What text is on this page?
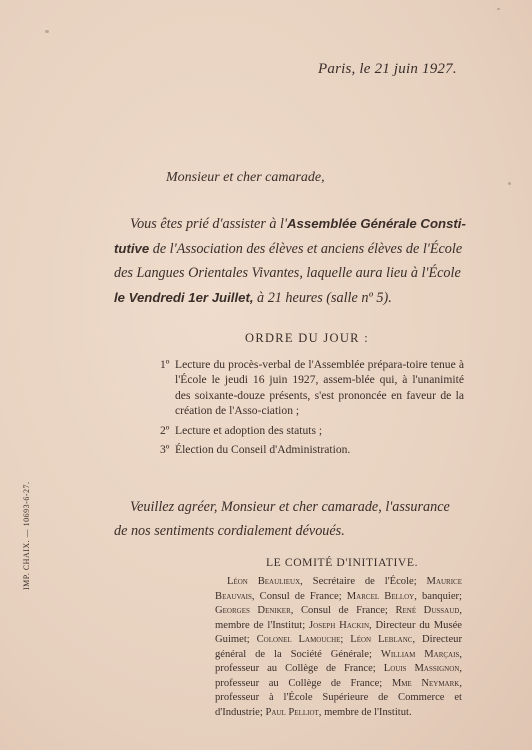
Paris, le 21 juin 1927.
Monsieur et cher camarade,
Vous êtes prié d'assister à l'Assemblée Générale Consti-
tutive de l'Association des élèves et anciens élèves de l'École
des Langues Orientales Vivantes, laquelle aura lieu à l'École
le Vendredi 1er Juillet, à 21 heures (salle nº 5).
ORDRE DU JOUR :
1º Lecture du procès-verbal de l'Assemblée prépara-toire tenue à l'École le jeudi 16 juin 1927, assem-blée qui, à l'unanimité des soixante-douze présents, s'est prononcée en faveur de la création de l'Asso-ciation ;
2º Lecture et adoption des statuts ;
3º Élection du Conseil d'Administration.
Veuillez agréer, Monsieur et cher camarade, l'assurance
de nos sentiments cordialement dévoués.
LE COMITÉ D'INITIATIVE.
Léon Beaulieux, Secrétaire de l'École; Maurice Beauvais, Consul de France; Marcel Belloy, banquier; Georges Deniker, Consul de France; René Dussaud, membre de l'Institut; Joseph Hackin, Directeur du Musée Guimet; Colonel Lamouche; Léon Leblanc, Directeur général de la Société Générale; William Marçais, professeur au Collège de France; Louis Massignon, professeur au Collège de France; Mme Neymark, professeur à l'École Supérieure de Commerce et d'Industrie; Paul Pelliot, membre de l'Institut.
IMP. CHAIX. — 10693-6-27.
